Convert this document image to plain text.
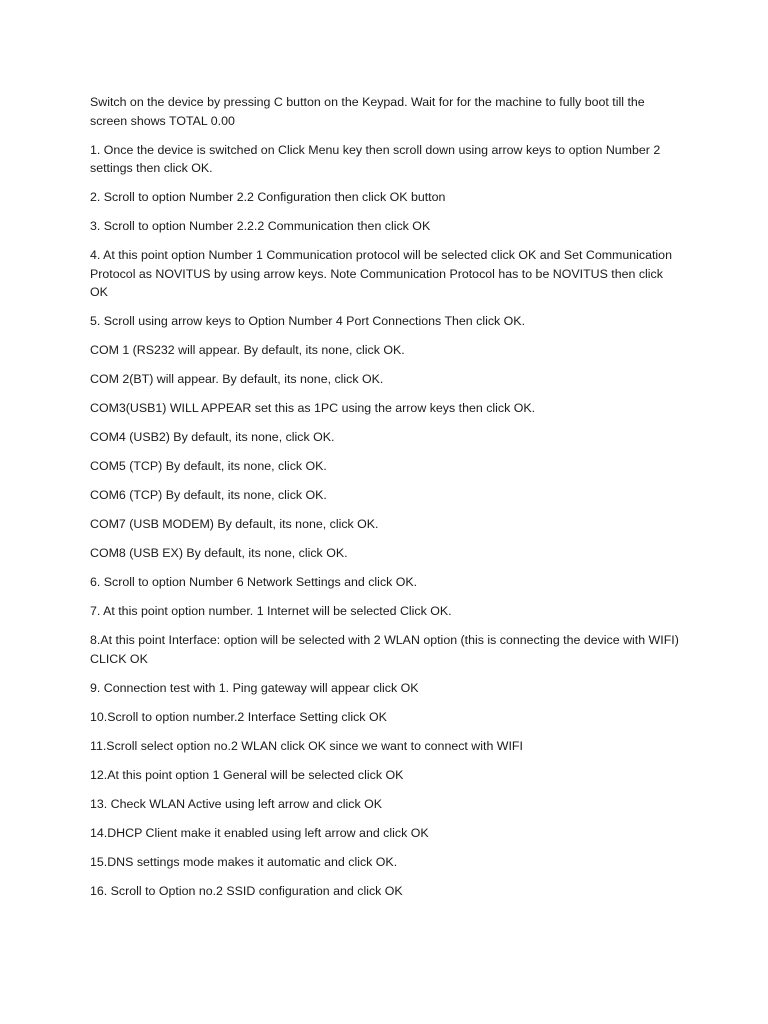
Switch on the device by pressing C button on the Keypad. Wait for for the machine to fully boot till the screen shows TOTAL 0.00

1. Once the device is switched on Click Menu key then scroll down using arrow keys to option Number 2 settings then click OK.

2. Scroll to option Number 2.2 Configuration then click OK button

3. Scroll to option Number 2.2.2 Communication then click OK

4. At this point option Number 1 Communication protocol will be selected click OK and Set Communication Protocol as NOVITUS by using arrow keys. Note Communication Protocol has to be NOVITUS then click OK

5. Scroll using arrow keys to Option Number 4 Port Connections Then click OK.

COM 1 (RS232 will appear. By default, its none, click OK.

COM 2(BT) will appear. By default, its none, click OK.

COM3(USB1) WILL APPEAR set this as 1PC using the arrow keys then click OK.

COM4 (USB2) By default, its none, click OK.

COM5 (TCP) By default, its none, click OK.

COM6 (TCP) By default, its none, click OK.

COM7 (USB MODEM) By default, its none, click OK.

COM8 (USB EX) By default, its none, click OK.

6. Scroll to option Number 6 Network Settings and click OK.

7. At this point option number. 1 Internet will be selected Click OK.

8.At this point Interface: option will be selected with 2 WLAN option (this is connecting the device with WIFI) CLICK OK

9. Connection test with 1. Ping gateway will appear click OK

10.Scroll to option number.2 Interface Setting click OK

11.Scroll select option no.2 WLAN click OK since we want to connect with WIFI

12.At this point option 1 General will be selected click OK

13. Check WLAN Active using left arrow and click OK

14.DHCP Client make it enabled using left arrow and click OK

15.DNS settings mode makes it automatic and click OK.

16. Scroll to Option no.2 SSID configuration and click OK
